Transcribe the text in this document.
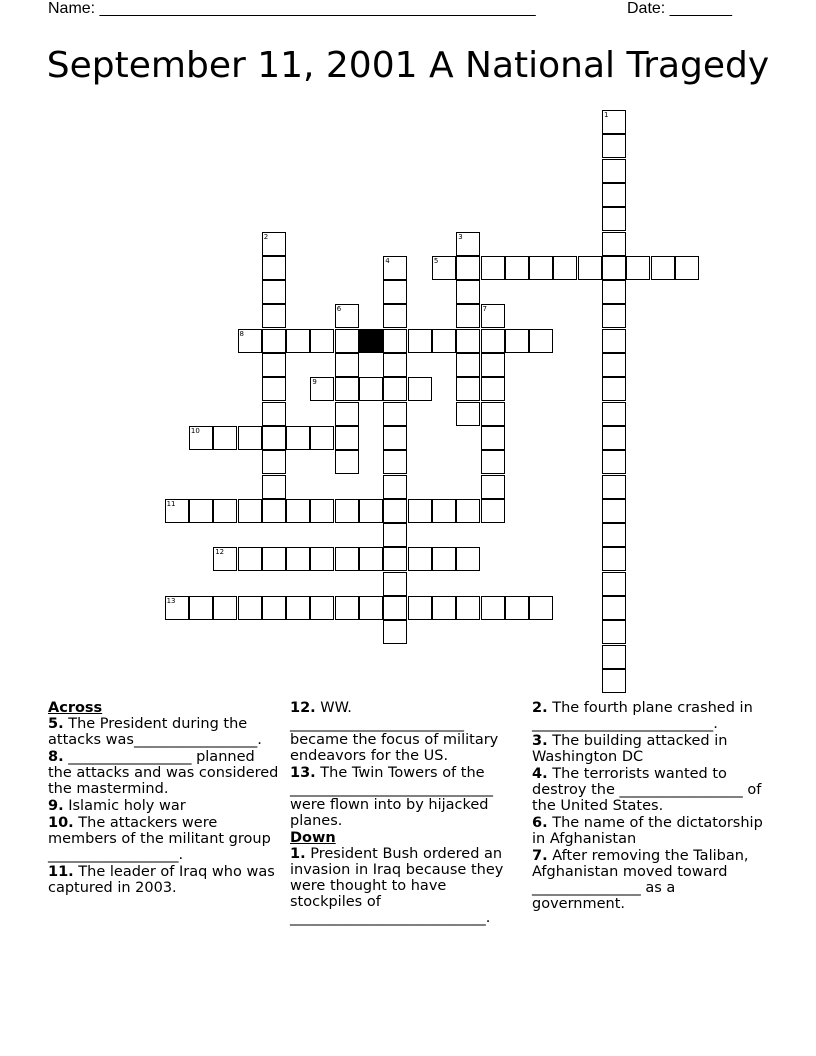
Name: _________________________________________________	Date: _______
September 11, 2001 A National Tragedy
1
2	3
4	5
6	7
8
9
10
11
12
13
Across
5. The President during the attacks was_________________.
8. _________________ planned the attacks and was considered the mastermind.
9. Islamic holy war
10. The attackers were members of the militant group __________________.
11. The leader of Iraq who was captured in 2003.
12. WW. ________________________ became the focus of military endeavors for the US.
13. The Twin Towers of the ____________________________ were flown into by hijacked planes.
Down
1. President Bush ordered an invasion in Iraq because they were thought to have stockpiles of ___________________________.
2. The fourth plane crashed in _________________________.
3. The building attacked in Washington DC
4. The terrorists wanted to destroy the _________________ of the United States.
6. The name of the dictatorship in Afghanistan
7. After removing the Taliban, Afghanistan moved toward _______________ as a government.
